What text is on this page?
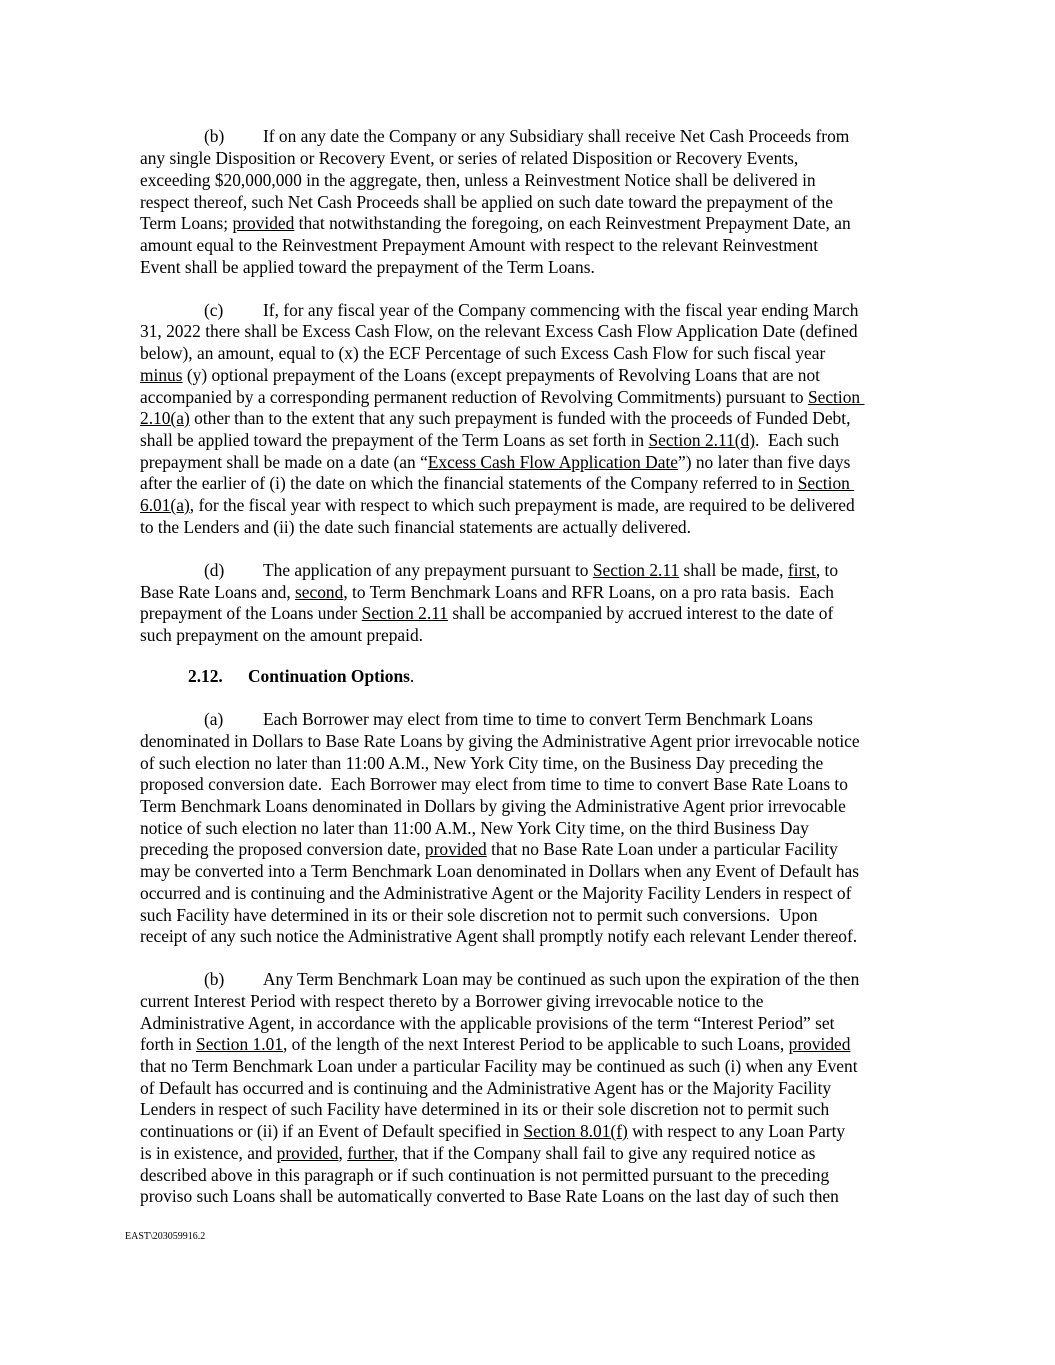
(b) If on any date the Company or any Subsidiary shall receive Net Cash Proceeds from
any single Disposition or Recovery Event, or series of related Disposition or Recovery Events,
exceeding $20,000,000 in the aggregate, then, unless a Reinvestment Notice shall be delivered in
respect thereof, such Net Cash Proceeds shall be applied on such date toward the prepayment of the
Term Loans; provided that notwithstanding the foregoing, on each Reinvestment Prepayment Date, an
amount equal to the Reinvestment Prepayment Amount with respect to the relevant Reinvestment
Event shall be applied toward the prepayment of the Term Loans.
(c) If, for any fiscal year of the Company commencing with the fiscal year ending March
31, 2022 there shall be Excess Cash Flow, on the relevant Excess Cash Flow Application Date (defined
below), an amount, equal to (x) the ECF Percentage of such Excess Cash Flow for such fiscal year
minus (y) optional prepayment of the Loans (except prepayments of Revolving Loans that are not
accompanied by a corresponding permanent reduction of Revolving Commitments) pursuant to Section
2.10(a) other than to the extent that any such prepayment is funded with the proceeds of Funded Debt,
shall be applied toward the prepayment of the Term Loans as set forth in Section 2.11(d).  Each such
prepayment shall be made on a date (an “Excess Cash Flow Application Date”) no later than five days
after the earlier of (i) the date on which the financial statements of the Company referred to in Section
6.01(a), for the fiscal year with respect to which such prepayment is made, are required to be delivered
to the Lenders and (ii) the date such financial statements are actually delivered.
(d) The application of any prepayment pursuant to Section 2.11 shall be made, first, to
Base Rate Loans and, second, to Term Benchmark Loans and RFR Loans, on a pro rata basis.  Each
prepayment of the Loans under Section 2.11 shall be accompanied by accrued interest to the date of
such prepayment on the amount prepaid.
2.12. Continuation Options.
(a) Each Borrower may elect from time to time to convert Term Benchmark Loans
denominated in Dollars to Base Rate Loans by giving the Administrative Agent prior irrevocable notice
of such election no later than 11:00 A.M., New York City time, on the Business Day preceding the
proposed conversion date.  Each Borrower may elect from time to time to convert Base Rate Loans to
Term Benchmark Loans denominated in Dollars by giving the Administrative Agent prior irrevocable
notice of such election no later than 11:00 A.M., New York City time, on the third Business Day
preceding the proposed conversion date, provided that no Base Rate Loan under a particular Facility
may be converted into a Term Benchmark Loan denominated in Dollars when any Event of Default has
occurred and is continuing and the Administrative Agent or the Majority Facility Lenders in respect of
such Facility have determined in its or their sole discretion not to permit such conversions.  Upon
receipt of any such notice the Administrative Agent shall promptly notify each relevant Lender thereof.
(b) Any Term Benchmark Loan may be continued as such upon the expiration of the then
current Interest Period with respect thereto by a Borrower giving irrevocable notice to the
Administrative Agent, in accordance with the applicable provisions of the term “Interest Period” set
forth in Section 1.01, of the length of the next Interest Period to be applicable to such Loans, provided
that no Term Benchmark Loan under a particular Facility may be continued as such (i) when any Event
of Default has occurred and is continuing and the Administrative Agent has or the Majority Facility
Lenders in respect of such Facility have determined in its or their sole discretion not to permit such
continuations or (ii) if an Event of Default specified in Section 8.01(f) with respect to any Loan Party
is in existence, and provided, further, that if the Company shall fail to give any required notice as
described above in this paragraph or if such continuation is not permitted pursuant to the preceding
proviso such Loans shall be automatically converted to Base Rate Loans on the last day of such then
EAST\203059916.2
